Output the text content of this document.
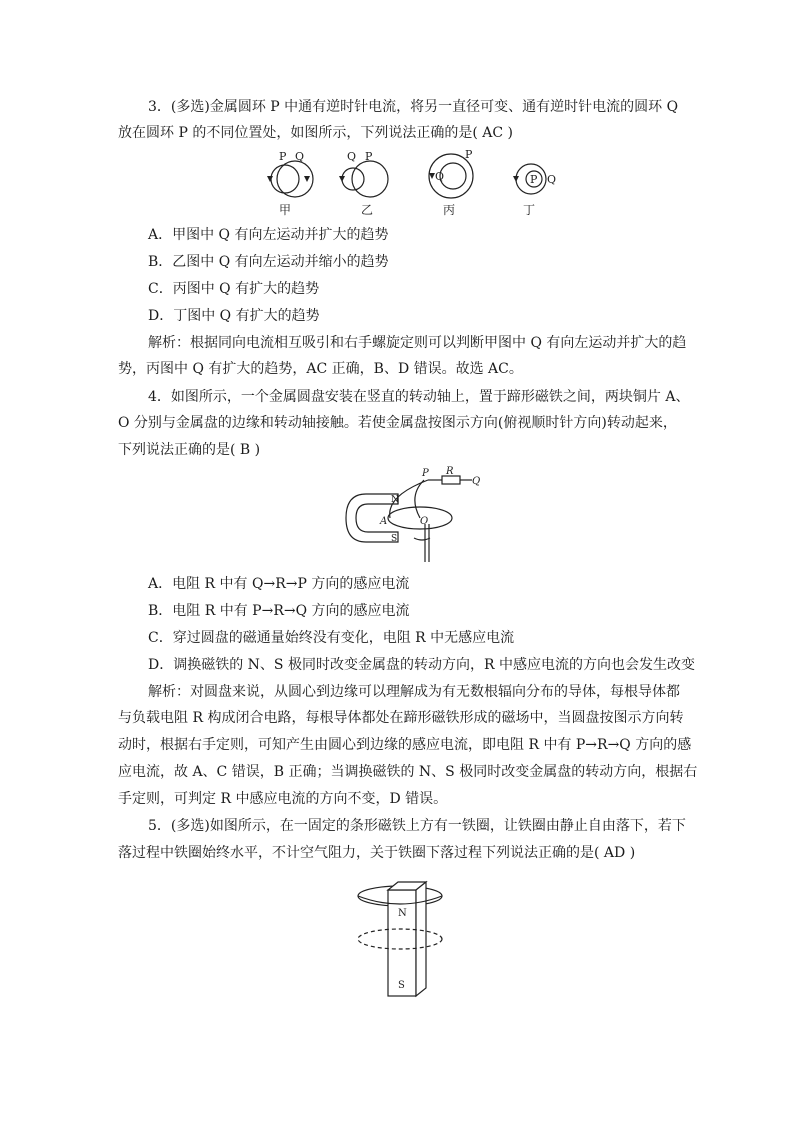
3．(多选)金属圆环 P 中通有逆时针电流，将另一直径可变、通有逆时针电流的圆环 Q
放在圆环 P 的不同位置处，如图所示，下列说法正确的是( AC )
P Q	Q P	P
Q	P Q
甲	乙	丙	丁
A．甲图中 Q 有向左运动并扩大的趋势
B．乙图中 Q 有向左运动并缩小的趋势
C．丙图中 Q 有扩大的趋势
D．丁图中 Q 有扩大的趋势
解析：根据同向电流相互吸引和右手螺旋定则可以判断甲图中 Q 有向左运动并扩大的趋
势，丙图中 Q 有扩大的趋势，AC 正确，B、D 错误。故选 AC。
4．如图所示，一个金属圆盘安装在竖直的转动轴上，置于蹄形磁铁之间，两块铜片 A、
O 分别与金属盘的边缘和转动轴接触。若使金属盘按图示方向(俯视顺时针方向)转动起来，
下列说法正确的是( B )
P R
Q
A	O
N
S
A．电阻 R 中有 Q→R→P 方向的感应电流
B．电阻 R 中有 P→R→Q 方向的感应电流
C．穿过圆盘的磁通量始终没有变化，电阻 R 中无感应电流
D．调换磁铁的 N、S 极同时改变金属盘的转动方向，R 中感应电流的方向也会发生改变
解析：对圆盘来说，从圆心到边缘可以理解成为有无数根辐向分布的导体，每根导体都
与负载电阻 R 构成闭合电路，每根导体都处在蹄形磁铁形成的磁场中，当圆盘按图示方向转
动时，根据右手定则，可知产生由圆心到边缘的感应电流，即电阻 R 中有 P→R→Q 方向的感
应电流，故 A、C 错误，B 正确；当调换磁铁的 N、S 极同时改变金属盘的转动方向，根据右
手定则，可判定 R 中感应电流的方向不变，D 错误。
5．(多选)如图所示，在一固定的条形磁铁上方有一铁圈，让铁圈由静止自由落下，若下
落过程中铁圈始终水平，不计空气阻力，关于铁圈下落过程下列说法正确的是( AD )
N
S
